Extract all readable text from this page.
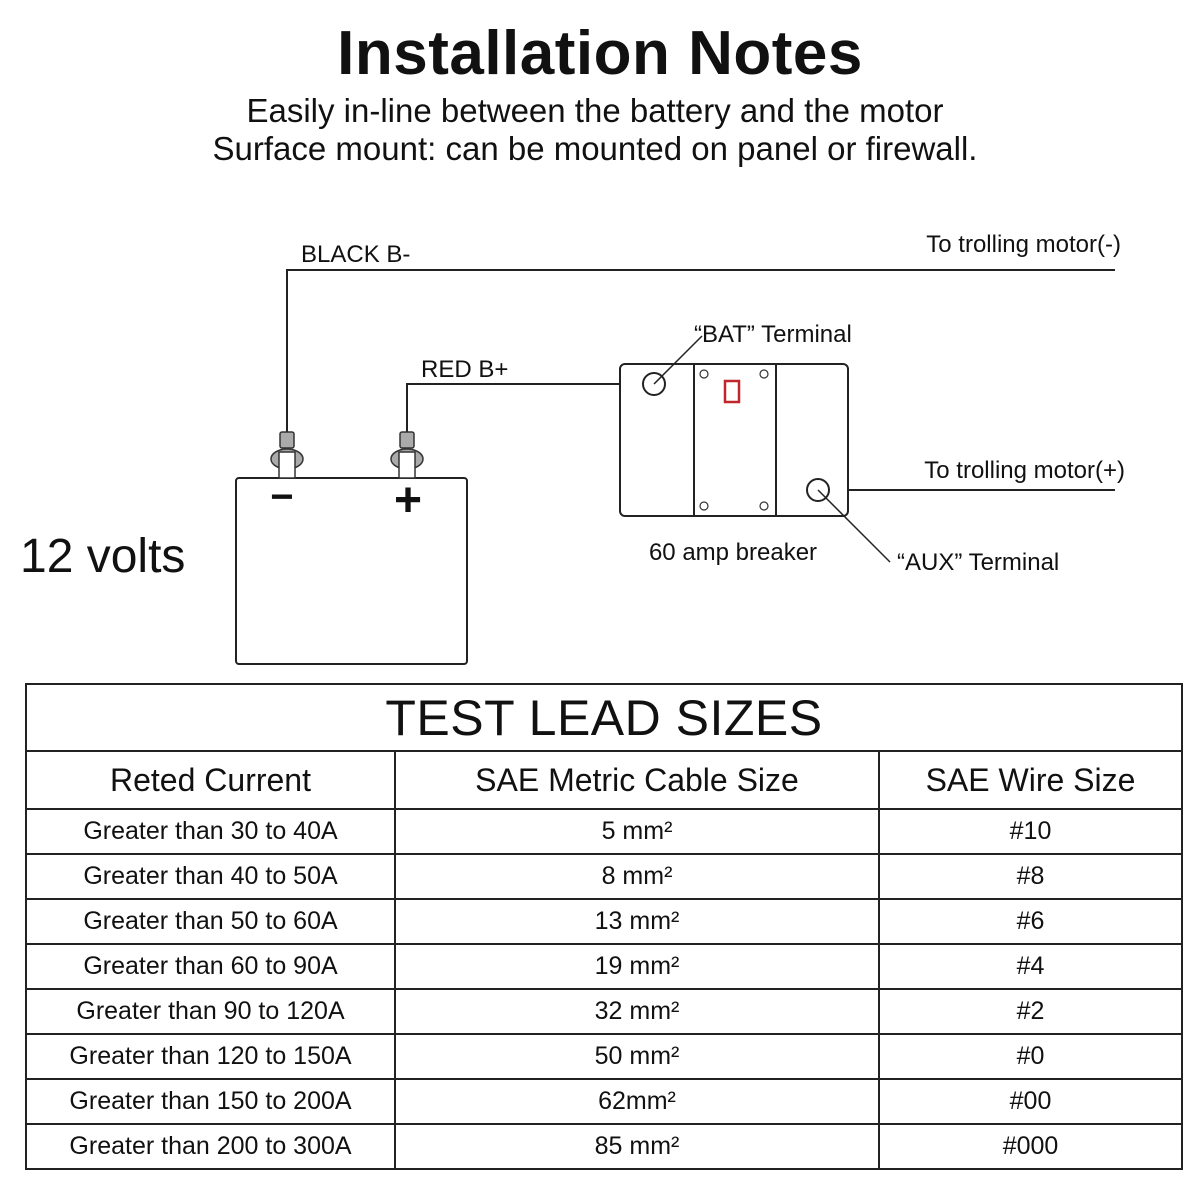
Installation Notes
Easily in-line between the battery and the motor
Surface mount: can be mounted on panel or firewall.
− +
BLACK B-
RED B+
To trolling motor(-)
To trolling motor(+)
“BAT” Terminal
“AUX” Terminal
60 amp breaker
12 volts
TEST LEAD SIZES		
Reted Current	SAE Metric Cable Size	SAE Wire Size
Greater than 30 to 40A	5 mm²	#10
Greater than 40 to 50A	8 mm²	#8
Greater than 50 to 60A	13 mm²	#6
Greater than 60 to 90A	19 mm²	#4
Greater than 90 to 120A	32 mm²	#2
Greater than 120 to 150A	50 mm²	#0
Greater than 150 to 200A	62mm²	#00
Greater than 200 to 300A	85 mm²	#000
